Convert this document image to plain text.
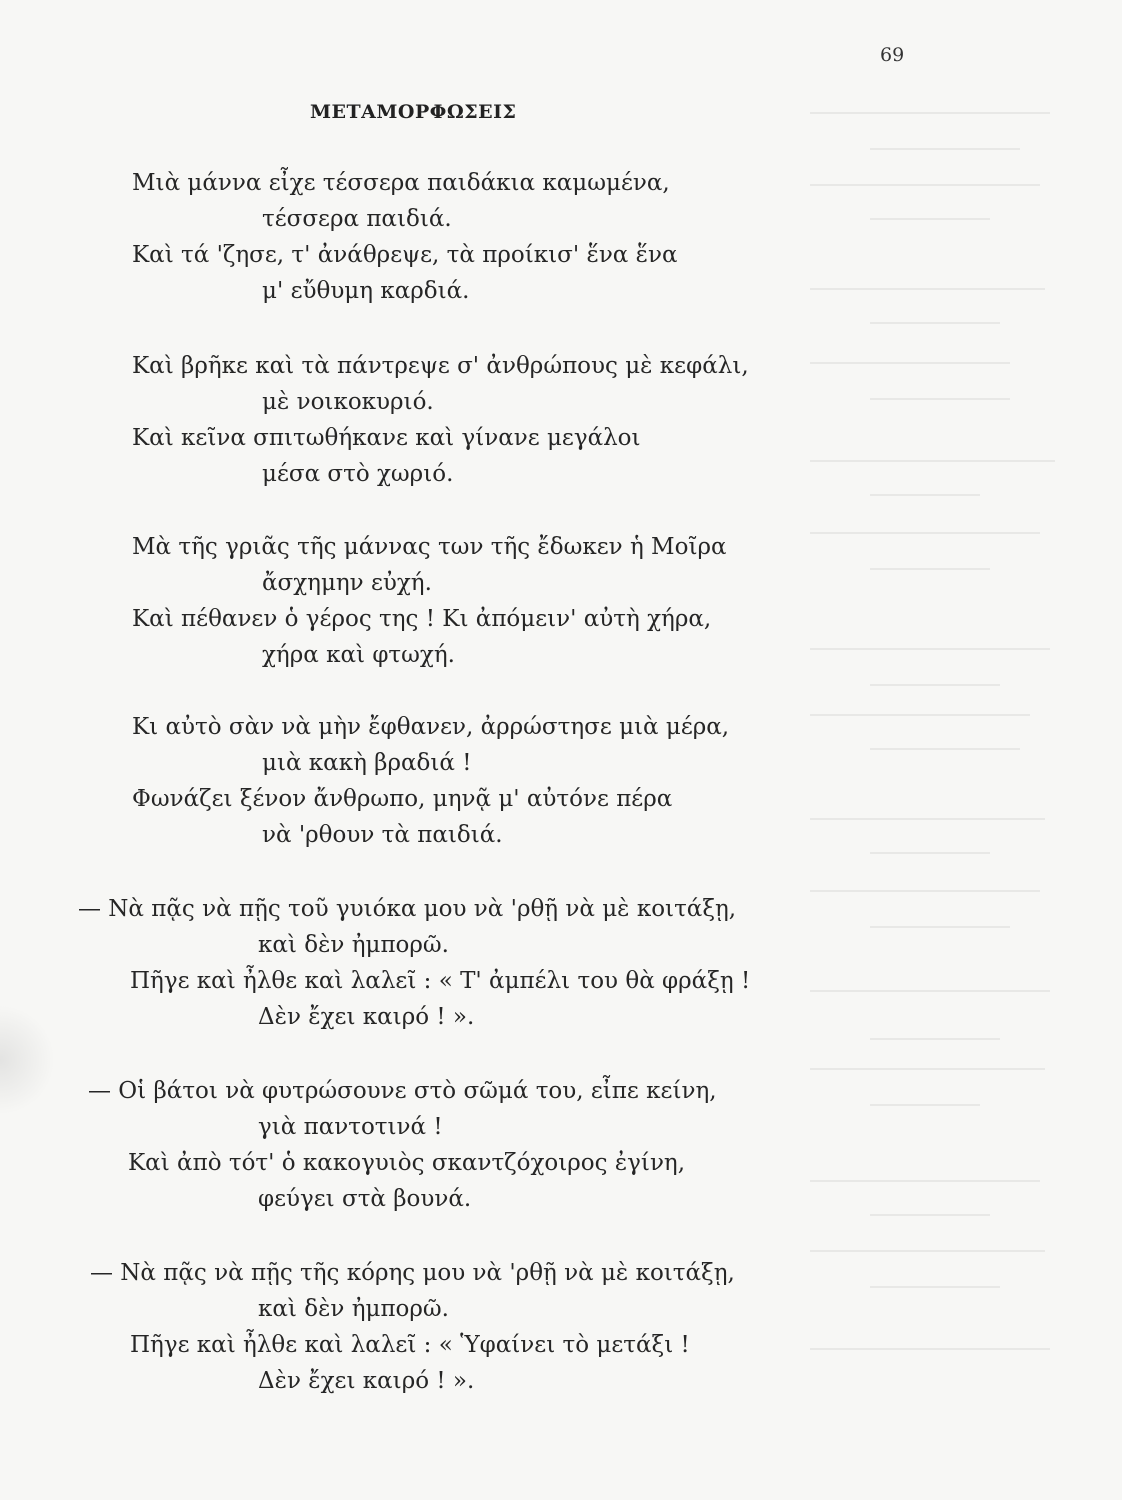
69
ΜΕΤΑΜΟΡΦΩΣΕΙΣ
Μιὰ μάννα εἶχε τέσσερα παιδάκια καμωμένα,
τέσσερα παιδιά.
Καὶ τά 'ζησε, τ' ἀνάθρεψε, τὰ προίκισ' ἕνα ἕνα
μ' εὔθυμη καρδιά.
Καὶ βρῆκε καὶ τὰ πάντρεψε σ' ἀνθρώπους μὲ κεφάλι,
μὲ νοικοκυριό.
Καὶ κεῖνα σπιτωθήκανε καὶ γίνανε μεγάλοι
μέσα στὸ χωριό.
Μὰ τῆς γριᾶς τῆς μάννας των τῆς ἔδωκεν ἡ Μοῖρα
ἄσχημην εὐχή.
Καὶ πέθανεν ὁ γέρος της ! Κι ἀπόμειν' αὐτὴ χήρα,
χήρα καὶ φτωχή.
Κι αὐτὸ σὰν νὰ μὴν ἔφθανεν, ἀρρώστησε μιὰ μέρα,
μιὰ κακὴ βραδιά !
Φωνάζει ξένον ἄνθρωπο, μηνᾷ μ' αὐτόνε πέρα
νὰ 'ρθουν τὰ παιδιά.
— Νὰ πᾷς νὰ πῇς τοῦ γυιόκα μου νὰ 'ρθῇ νὰ μὲ κοιτάξῃ,
καὶ δὲν ἠμπορῶ.
Πῆγε καὶ ἦλθε καὶ λαλεῖ : « Τ' ἀμπέλι του θὰ φράξῃ !
Δὲν ἔχει καιρό ! ».
— Οἱ βάτοι νὰ φυτρώσουνε στὸ σῶμά του, εἶπε κείνη,
γιὰ παντοτινά !
Καὶ ἀπὸ τότ' ὁ κακογυιὸς σκαντζόχοιρος ἐγίνη,
φεύγει στὰ βουνά.
— Νὰ πᾷς νὰ πῇς τῆς κόρης μου νὰ 'ρθῇ νὰ μὲ κοιτάξῃ,
καὶ δὲν ἠμπορῶ.
Πῆγε καὶ ἦλθε καὶ λαλεῖ : « Ὑφαίνει τὸ μετάξι !
Δὲν ἔχει καιρό ! ».
